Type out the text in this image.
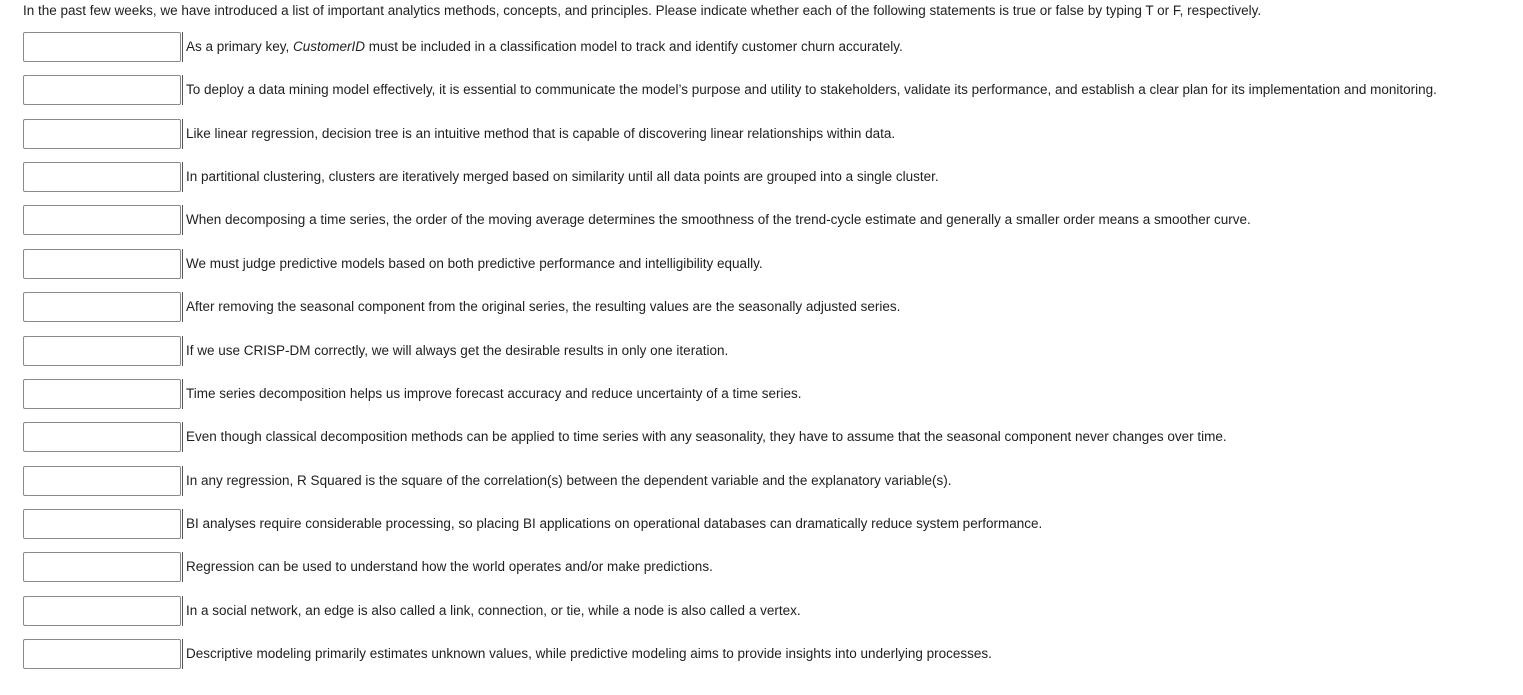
In the past few weeks, we have introduced a list of important analytics methods, concepts, and principles. Please indicate whether each of the following statements is true or false by typing T or F, respectively.
As a primary key, CustomerID must be included in a classification model to track and identify customer churn accurately.
To deploy a data mining model effectively, it is essential to communicate the model’s purpose and utility to stakeholders, validate its performance, and establish a clear plan for its implementation and monitoring.
Like linear regression, decision tree is an intuitive method that is capable of discovering linear relationships within data.
In partitional clustering, clusters are iteratively merged based on similarity until all data points are grouped into a single cluster.
When decomposing a time series, the order of the moving average determines the smoothness of the trend-cycle estimate and generally a smaller order means a smoother curve.
We must judge predictive models based on both predictive performance and intelligibility equally.
After removing the seasonal component from the original series, the resulting values are the seasonally adjusted series.
If we use CRISP-DM correctly, we will always get the desirable results in only one iteration.
Time series decomposition helps us improve forecast accuracy and reduce uncertainty of a time series.
Even though classical decomposition methods can be applied to time series with any seasonality, they have to assume that the seasonal component never changes over time.
In any regression, R Squared is the square of the correlation(s) between the dependent variable and the explanatory variable(s).
BI analyses require considerable processing, so placing BI applications on operational databases can dramatically reduce system performance.
Regression can be used to understand how the world operates and/or make predictions.
In a social network, an edge is also called a link, connection, or tie, while a node is also called a vertex.
Descriptive modeling primarily estimates unknown values, while predictive modeling aims to provide insights into underlying processes.
